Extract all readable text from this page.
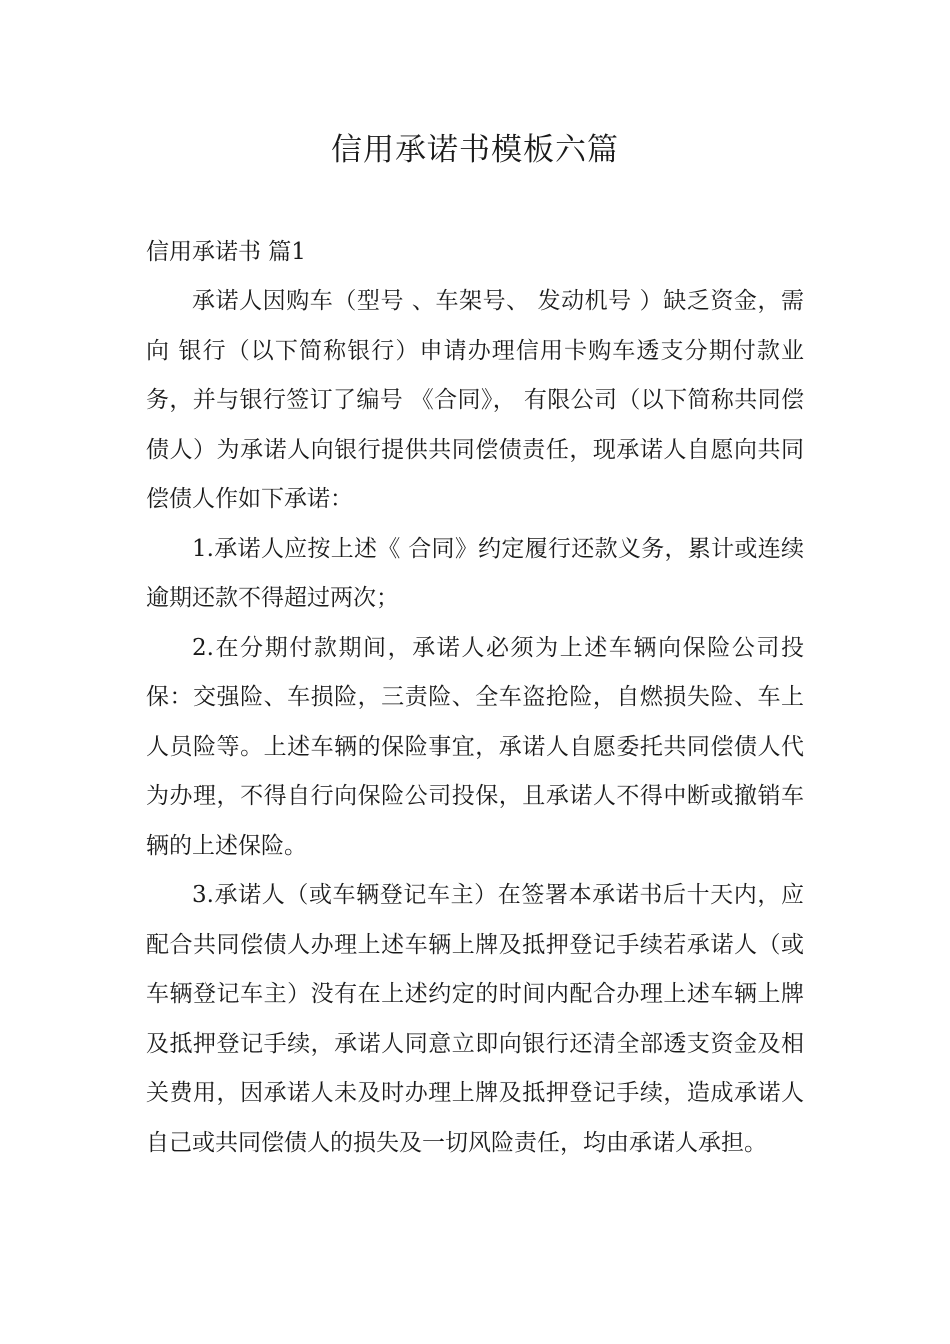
信用承诺书模板六篇

信用承诺书 篇1

承诺人因购车（型号 、车架号、 发动机号 ）缺乏资金，需向 银行（以下简称银行）申请办理信用卡购车透支分期付款业务，并与银行签订了编号 《合同》， 有限公司（以下简称共同偿债人）为承诺人向银行提供共同偿债责任，现承诺人自愿向共同偿债人作如下承诺：

1.承诺人应按上述《 合同》约定履行还款义务，累计或连续逾期还款不得超过两次；

2.在分期付款期间，承诺人必须为上述车辆向保险公司投保：交强险、车损险，三责险、全车盗抢险，自燃损失险、车上人员险等。上述车辆的保险事宜，承诺人自愿委托共同偿债人代为办理，不得自行向保险公司投保，且承诺人不得中断或撤销车辆的上述保险。

3.承诺人（或车辆登记车主）在签署本承诺书后十天内，应配合共同偿债人办理上述车辆上牌及抵押登记手续若承诺人（或车辆登记车主）没有在上述约定的时间内配合办理上述车辆上牌及抵押登记手续，承诺人同意立即向银行还清全部透支资金及相关费用，因承诺人未及时办理上牌及抵押登记手续，造成承诺人自己或共同偿债人的损失及一切风险责任，均由承诺人承担。
